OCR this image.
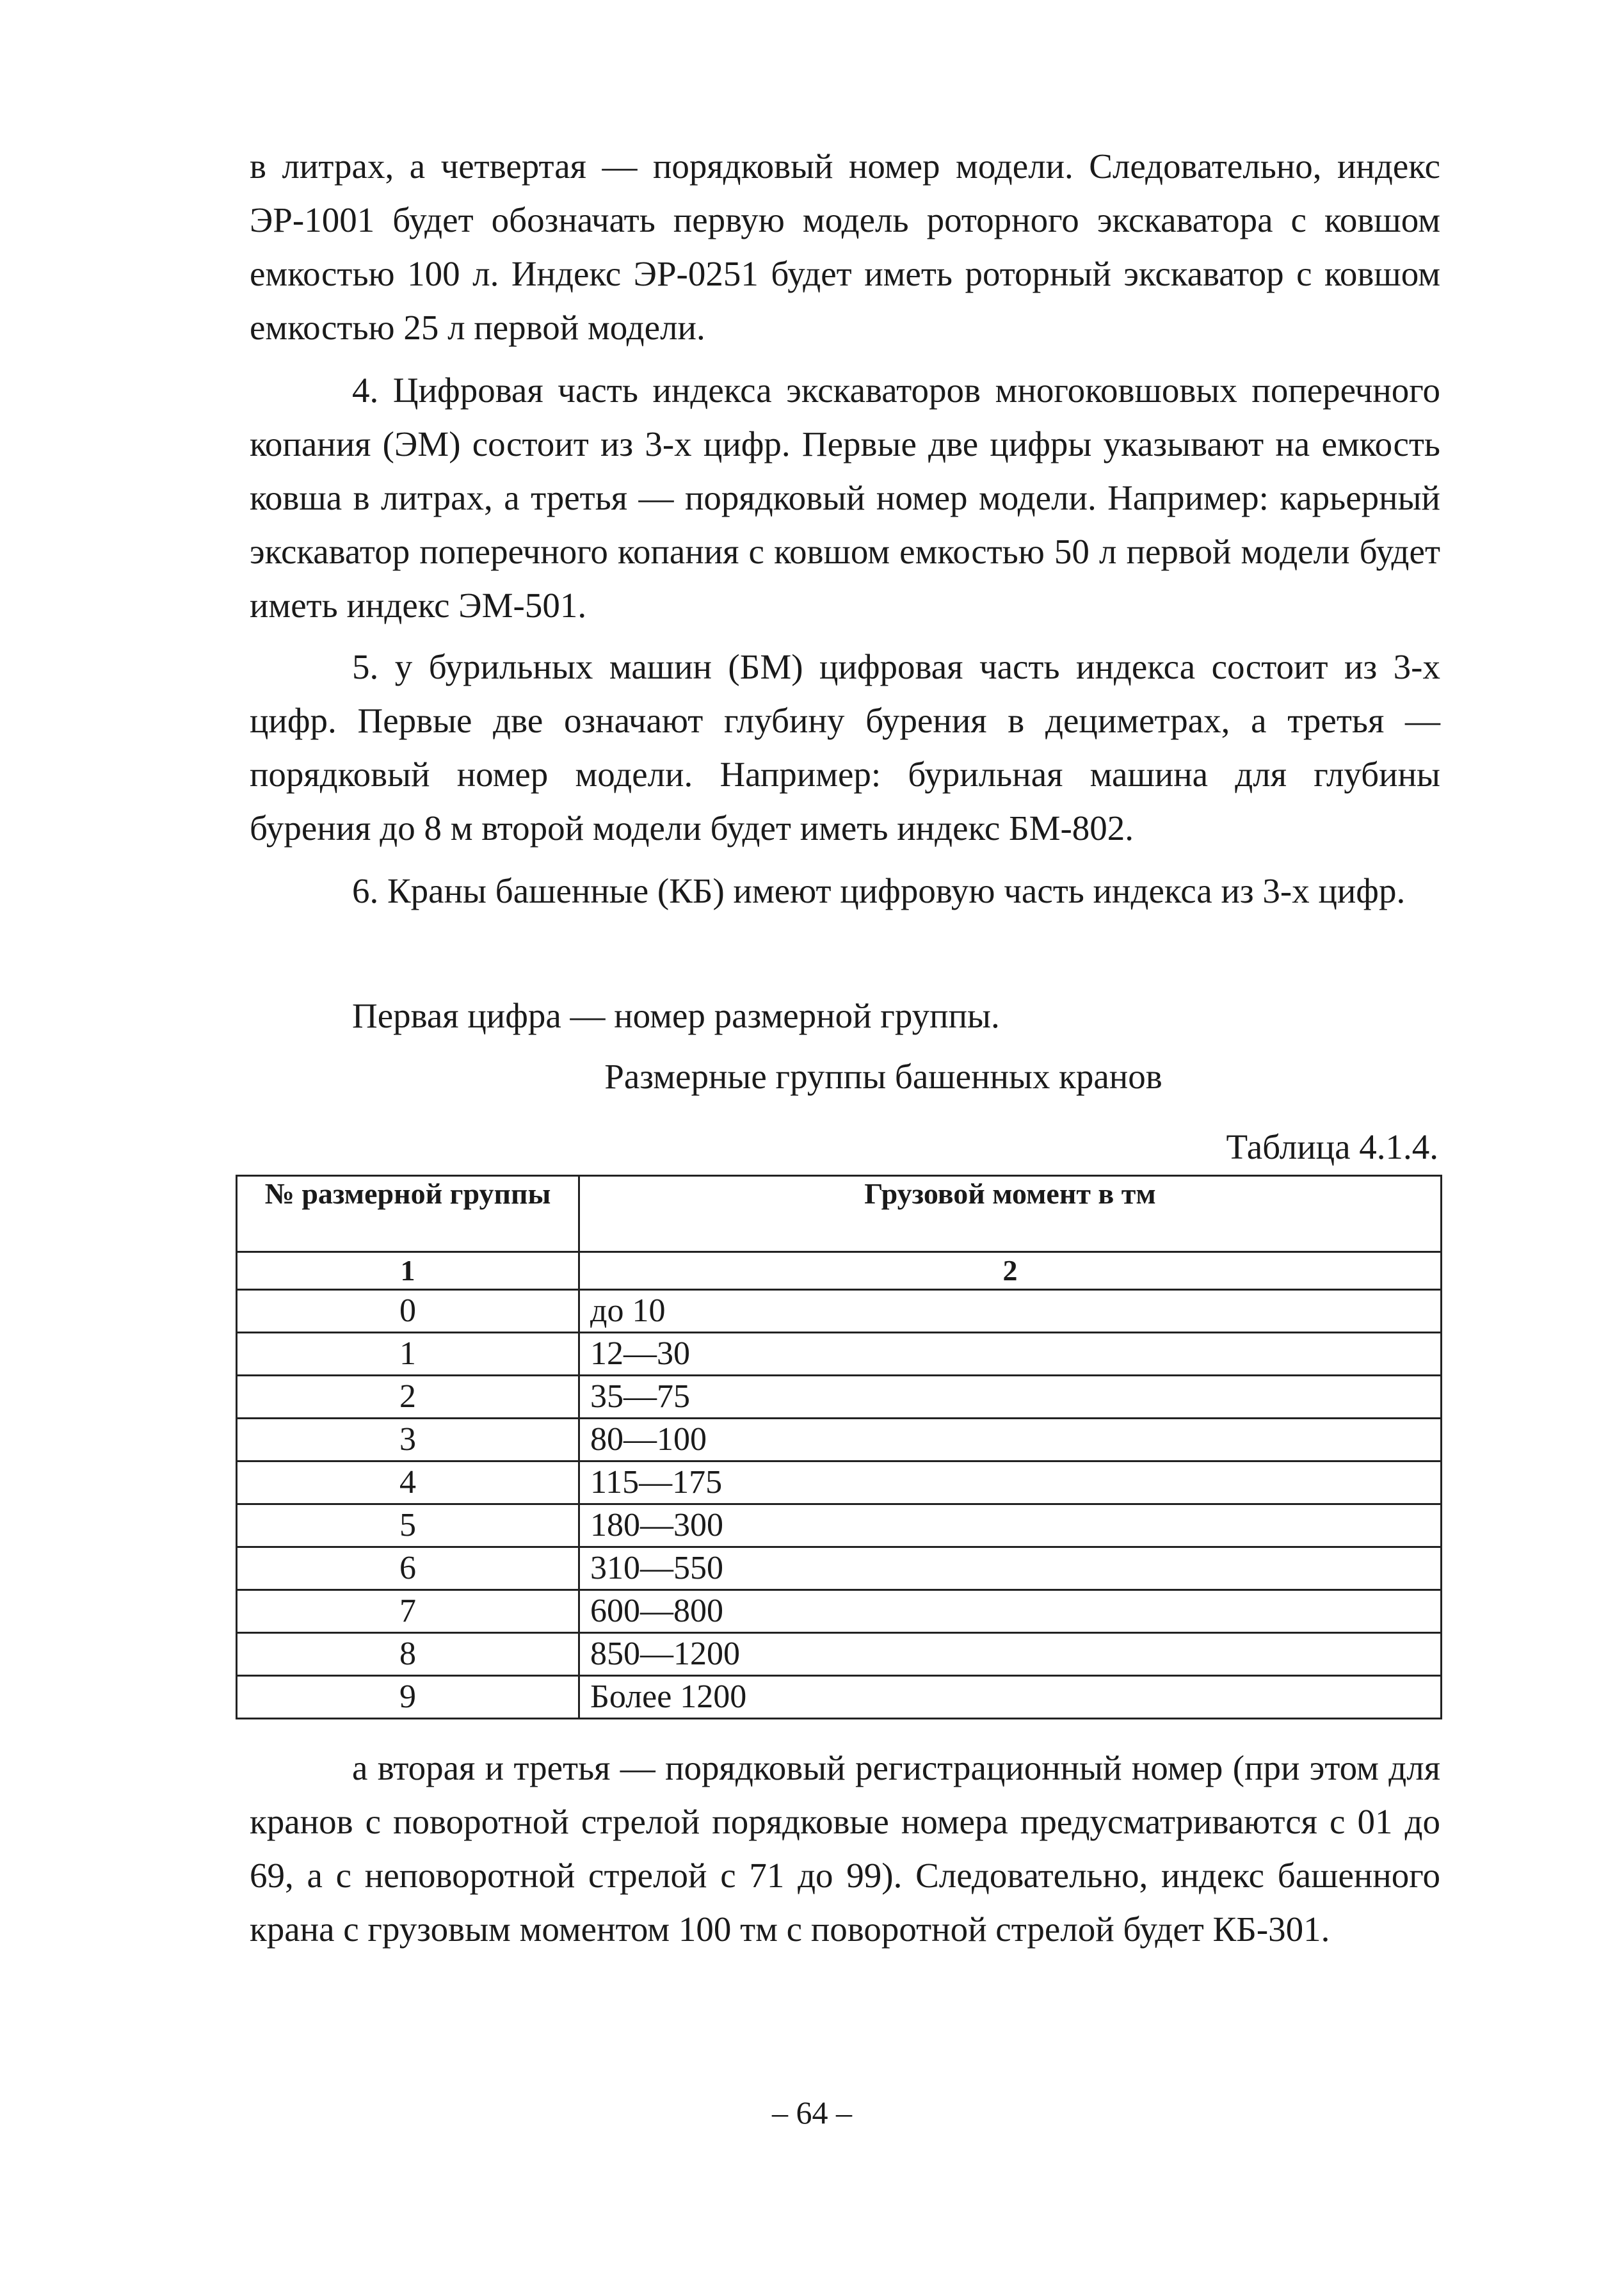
в литрах, а четвертая — порядковый номер модели. Следовательно, индекс ЭР-1001 будет обозначать первую модель роторного экскаватора с ковшом емкостью 100 л. Индекс ЭР-0251 будет иметь роторный экскаватор с ковшом емкостью 25 л первой модели.

4. Цифровая часть индекса экскаваторов многоковшовых поперечного копания (ЭМ) состоит из 3-х цифр. Первые две цифры указывают на емкость ковша в литрах, а третья — порядковый номер модели. Например: карьерный экскаватор поперечного копания с ковшом емкостью 50 л первой модели будет иметь индекс ЭМ-501.

5. у бурильных машин (БМ) цифровая часть индекса состоит из 3-х цифр. Первые две означают глубину бурения в дециметрах, а третья — порядковый номер модели. Например: бурильная машина для глубины бурения до 8 м второй модели будет иметь индекс БМ-802.

6. Краны башенные (КБ) имеют цифровую часть индекса из 3-х цифр.

Первая цифра — номер размерной группы.

Размерные группы башенных кранов

Таблица 4.1.4.

№ размерной группы	Грузовой момент в тм
1	2
0	до 10
1	12—30
2	35—75
3	80—100
4	115—175
5	180—300
6	310—550
7	600—800
8	850—1200
9	Более 1200

а вторая и третья — порядковый регистрационный номер (при этом для кранов с поворотной стрелой порядковые номера предусматриваются с 01 до 69, а с неповоротной стрелой с 71 до 99). Следовательно, индекс башенного крана с грузовым моментом 100 тм с поворотной стрелой будет КБ-301.

– 64 –
